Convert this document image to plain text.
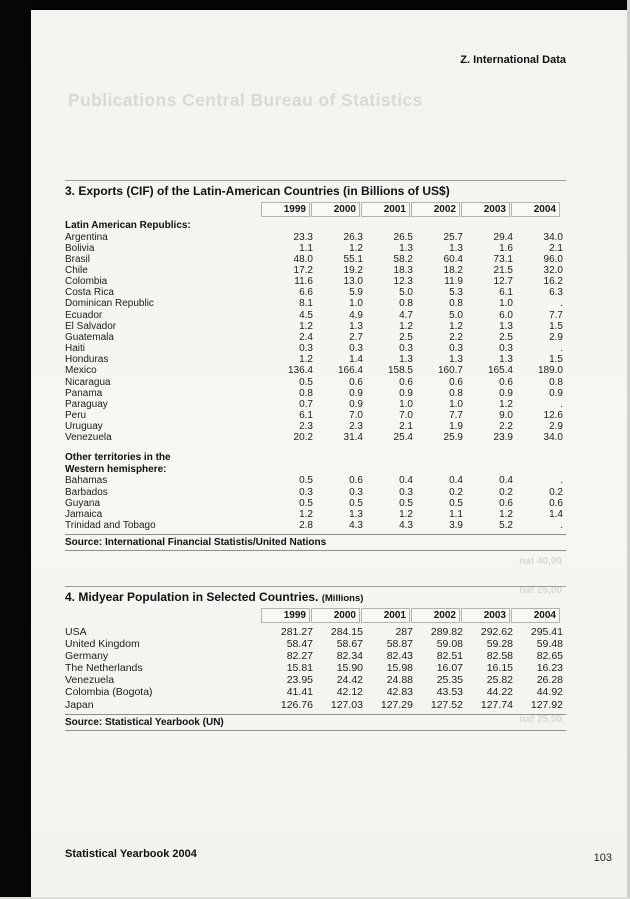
Z. International Data
Publications Central Bureau of Statistics
nat 40,00
nat 25,00
nat 25,00
3. Exports (CIF) of the Latin-American Countries (in Billions of US$)
1999	2000	2001	2002	2003	2004
Latin American Republics:
Argentina	23.3	26.3	26.5	25.7	29.4	34.0
Bolivia	1.1	1.2	1.3	1.3	1.6	2.1
Brasil	48.0	55.1	58.2	60.4	73.1	96.0
Chile	17.2	19.2	18.3	18.2	21.5	32.0
Colombia	11.6	13.0	12.3	11.9	12.7	16.2
Costa Rica	6.6	5.9	5.0	5.3	6.1	6.3
Dominican Republic	8.1	1.0	0.8	0.8	1.0	.
Ecuador	4.5	4.9	4.7	5.0	6.0	7.7
El Salvador	1.2	1.3	1.2	1.2	1.3	1.5
Guatemala	2.4	2.7	2.5	2.2	2.5	2.9
Haiti	0.3	0.3	0.3	0.3	0.3	.
Honduras	1.2	1.4	1.3	1.3	1.3	1.5
Mexico	136.4	166.4	158.5	160.7	165.4	189.0
Nicaragua	0.5	0.6	0.6	0.6	0.6	0.8
Panama	0.8	0.9	0.9	0.8	0.9	0.9
Paraguay	0.7	0.9	1.0	1.0	1.2	.
Peru	6.1	7.0	7.0	7.7	9.0	12.6
Uruguay	2.3	2.3	2.1	1.9	2.2	2.9
Venezuela	20.2	31.4	25.4	25.9	23.9	34.0
Other territories in the
Western hemisphere:
Bahamas	0.5	0.6	0.4	0.4	0.4	.
Barbados	0.3	0.3	0.3	0.2	0.2	0.2
Guyana	0.5	0.5	0.5	0.5	0.6	0.6
Jamaica	1.2	1.3	1.2	1.1	1.2	1.4
Trinidad and Tobago	2.8	4.3	4.3	3.9	5.2	.
Source: International Financial Statistis/United Nations
4. Midyear Population in Selected Countries. (Millions)
1999	2000	2001	2002	2003	2004
USA	281.27	284.15	287	289.82	292.62	295.41
United Kingdom	58.47	58.67	58.87	59.08	59.28	59.48
Germany	82.27	82.34	82.43	82.51	82.58	82.65
The Netherlands	15.81	15.90	15.98	16.07	16.15	16.23
Venezuela	23.95	24.42	24.88	25.35	25.82	26.28
Colombia (Bogota)	41.41	42.12	42.83	43.53	44.22	44.92
Japan	126.76	127.03	127.29	127.52	127.74	127.92
Source: Statistical Yearbook (UN)
Statistical Yearbook 2004	103
